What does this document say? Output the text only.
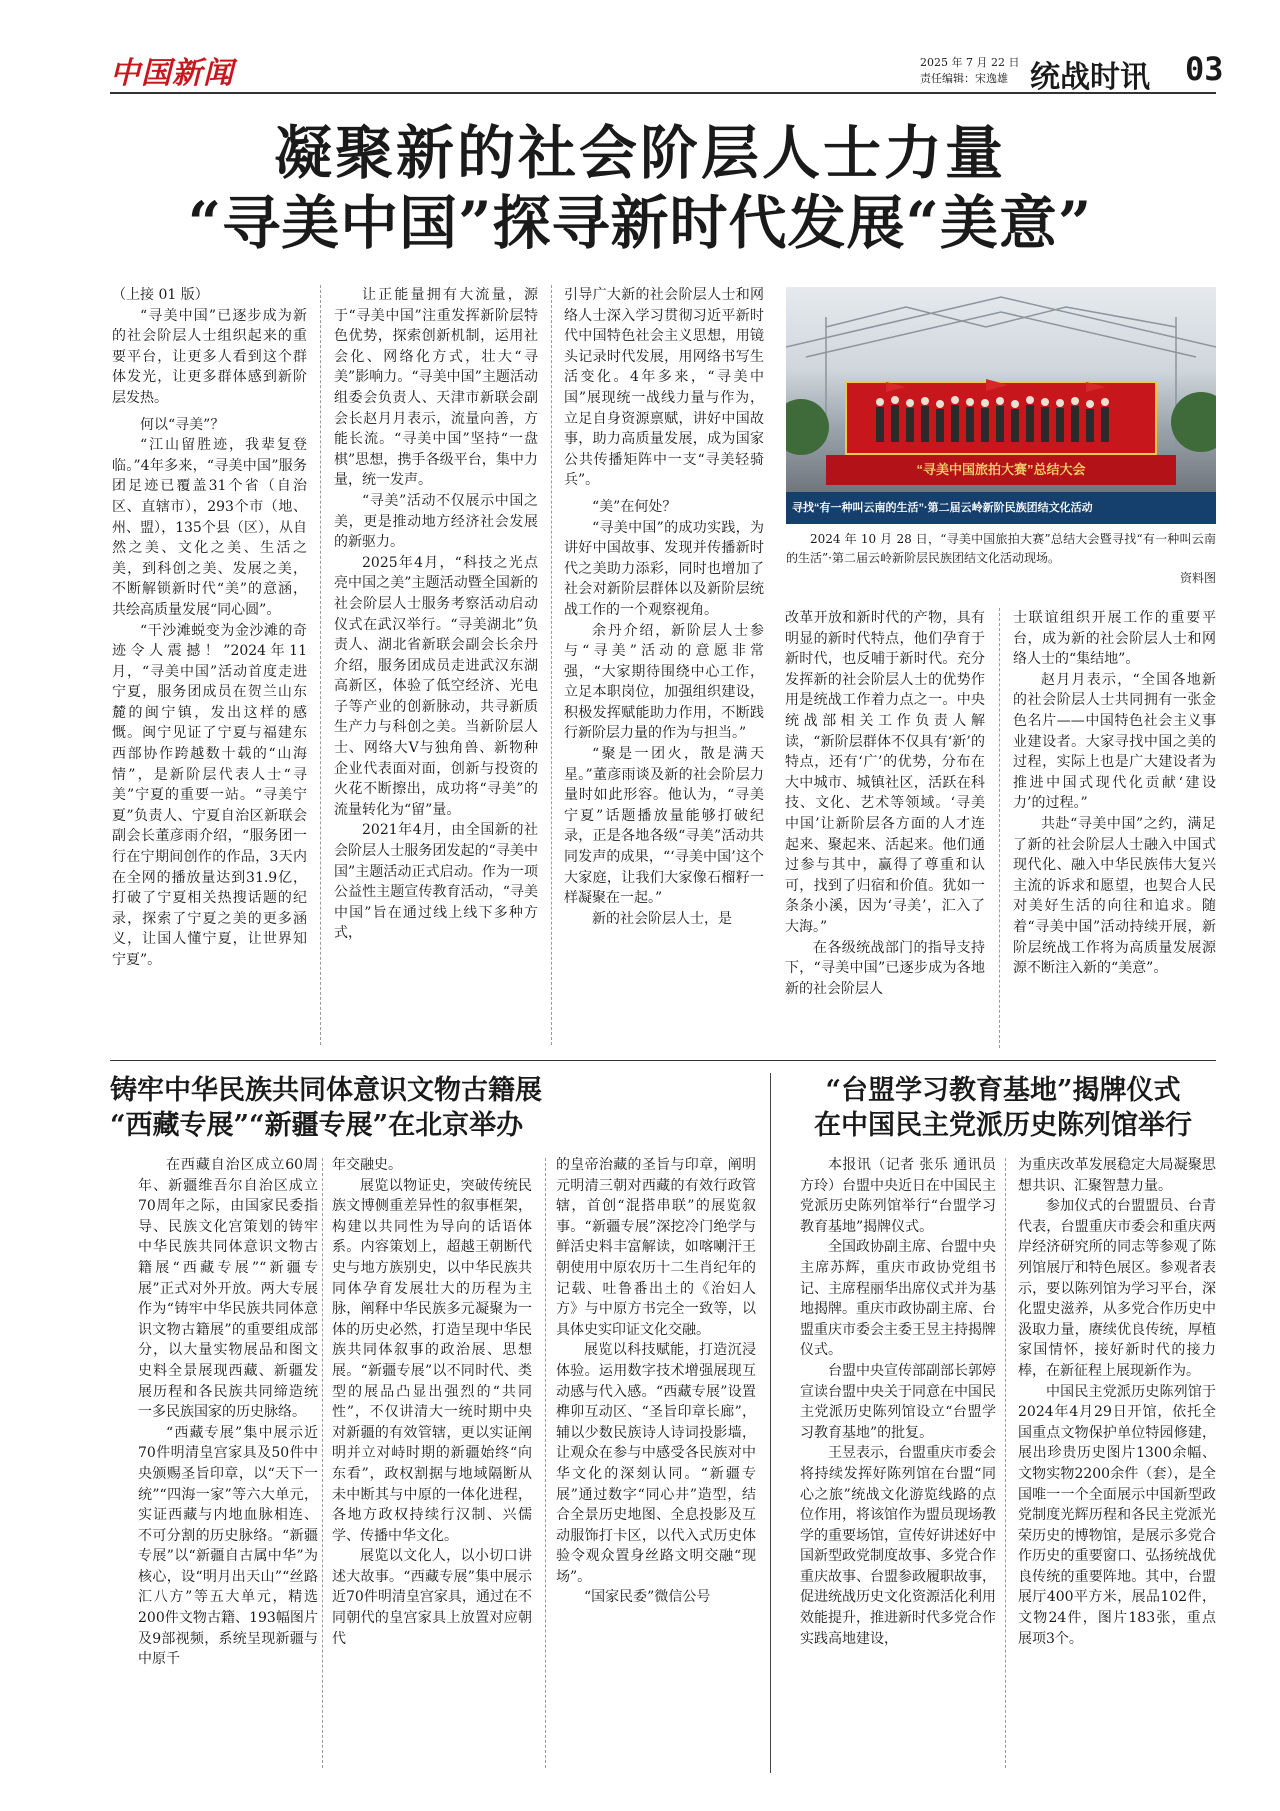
中国新闻	2025 年 7 月 22 日
责任编辑：宋逸雄 统战时讯 03
凝聚新的社会阶层人士力量
“寻美中国”探寻新时代发展“美意”

（上接 01 版）

“寻美中国”已逐步成为新的社会阶层人士组织起来的重要平台，让更多人看到这个群体发光，让更多群体感到新阶层发热。

何以“寻美”？

“江山留胜迹，我辈复登临。”4年多来，“寻美中国”服务团足迹已覆盖31个省（自治区、直辖市），293个市（地、州、盟），135个县（区），从自然之美、文化之美、生活之美，到科创之美、发展之美，不断解锁新时代“美”的意涵，共绘高质量发展“同心圆”。

“干沙滩蜕变为金沙滩的奇迹令人震撼！”2024年11月，“寻美中国”活动首度走进宁夏，服务团成员在贺兰山东麓的闽宁镇，发出这样的感慨。闽宁见证了宁夏与福建东西部协作跨越数十载的“山海情”，是新阶层代表人士“寻美”宁夏的重要一站。“寻美宁夏”负责人、宁夏自治区新联会副会长董彦雨介绍，“服务团一行在宁期间创作的作品，3天内在全网的播放量达到31.9亿，打破了宁夏相关热搜话题的纪录，探索了宁夏之美的更多涵义，让国人懂宁夏，让世界知宁夏”。

让正能量拥有大流量，源于“寻美中国”注重发挥新阶层特色优势，探索创新机制，运用社会化、网络化方式，壮大“寻美”影响力。“寻美中国”主题活动组委会负责人、天津市新联会副会长赵月月表示，流量向善，方能长流。“寻美中国”坚持“一盘棋”思想，携手各级平台，集中力量，统一发声。

“寻美”活动不仅展示中国之美，更是推动地方经济社会发展的新驱力。

2025年4月，“科技之光点亮中国之美”主题活动暨全国新的社会阶层人士服务考察活动启动仪式在武汉举行。“寻美湖北”负责人、湖北省新联会副会长余丹介绍，服务团成员走进武汉东湖高新区，体验了低空经济、光电子等产业的创新脉动，共寻新质生产力与科创之美。当新阶层人士、网络大V与独角兽、新物种企业代表面对面，创新与投资的火花不断擦出，成功将“寻美”的流量转化为“留”量。

2021年4月，由全国新的社会阶层人士服务团发起的“寻美中国”主题活动正式启动。作为一项公益性主题宣传教育活动，“寻美中国”旨在通过线上线下多种方式，

引导广大新的社会阶层人士和网络人士深入学习贯彻习近平新时代中国特色社会主义思想，用镜头记录时代发展，用网络书写生活变化。4年多来，“寻美中国”展现统一战线力量与作为，立足自身资源禀赋，讲好中国故事，助力高质量发展，成为国家公共传播矩阵中一支“寻美轻骑兵”。

“美”在何处？

“寻美中国”的成功实践，为讲好中国故事、发现并传播新时代之美助力添彩，同时也增加了社会对新阶层群体以及新阶层统战工作的一个观察视角。

余丹介绍，新阶层人士参与“寻美”活动的意愿非常强，“大家期待围绕中心工作，立足本职岗位，加强组织建设，积极发挥赋能助力作用，不断践行新阶层力量的作为与担当。”

“聚是一团火，散是满天星。”董彦雨谈及新的社会阶层力量时如此形容。他认为，“寻美宁夏”话题播放量能够打破纪录，正是各地各级“寻美”活动共同发声的成果，“‘寻美中国’这个大家庭，让我们大家像石榴籽一样凝聚在一起。”

新的社会阶层人士，是

“寻美中国旅拍大赛”总结大会
寻找“有一种叫云南的生活”·第二届云岭新阶民族团结文化活动
2024 年 10 月 28 日，“寻美中国旅拍大赛”总结大会暨寻找“有一种叫云南的生活”·第二届云岭新阶层民族团结文化活动现场。
资料图

改革开放和新时代的产物，具有明显的新时代特点，他们孕育于新时代，也反哺于新时代。充分发挥新的社会阶层人士的优势作用是统战工作着力点之一。中央统战部相关工作负责人解读，“新阶层群体不仅具有‘新’的特点，还有‘广’的优势，分布在大中城市、城镇社区，活跃在科技、文化、艺术等领域。‘寻美中国’让新阶层各方面的人才连起来、聚起来、活起来。他们通过参与其中，赢得了尊重和认可，找到了归宿和价值。犹如一条条小溪，因为‘寻美’，汇入了大海。”

在各级统战部门的指导支持下，“寻美中国”已逐步成为各地新的社会阶层人

士联谊组织开展工作的重要平台，成为新的社会阶层人士和网络人士的“集结地”。

赵月月表示，“全国各地新的社会阶层人士共同拥有一张金色名片——中国特色社会主义事业建设者。大家寻找中国之美的过程，实际上也是广大建设者为推进中国式现代化贡献‘建设力’的过程。”

共赴“寻美中国”之约，满足了新的社会阶层人士融入中国式现代化、融入中华民族伟大复兴主流的诉求和愿望，也契合人民对美好生活的向往和追求。随着“寻美中国”活动持续开展，新阶层统战工作将为高质量发展源源不断注入新的“美意”。

铸牢中华民族共同体意识文物古籍展
“西藏专展”“新疆专展”在北京举办

在西藏自治区成立60周年、新疆维吾尔自治区成立70周年之际，由国家民委指导、民族文化宫策划的铸牢中华民族共同体意识文物古籍展“西藏专展”“新疆专展”正式对外开放。两大专展作为“铸牢中华民族共同体意识文物古籍展”的重要组成部分，以大量实物展品和图文史料全景展现西藏、新疆发展历程和各民族共同缔造统一多民族国家的历史脉络。

“西藏专展”集中展示近70件明清皇宫家具及50件中央颁赐圣旨印章，以“天下一统”“四海一家”等六大单元，实证西藏与内地血脉相连、不可分割的历史脉络。“新疆专展”以“新疆自古属中华”为核心，设“明月出天山”“丝路汇八方”等五大单元，精选200件文物古籍、193幅图片及9部视频，系统呈现新疆与中原千

年交融史。

展览以物证史，突破传统民族文博侧重差异性的叙事框架，构建以共同性为导向的话语体系。内容策划上，超越王朝断代史与地方族别史，以中华民族共同体孕育发展壮大的历程为主脉，阐释中华民族多元凝聚为一体的历史必然，打造呈现中华民族共同体叙事的政治展、思想展。“新疆专展”以不同时代、类型的展品凸显出强烈的“共同性”，不仅讲清大一统时期中央对新疆的有效管辖，更以实证阐明并立对峙时期的新疆始终“向东看”，政权割据与地域隔断从未中断其与中原的一体化进程，各地方政权持续行汉制、兴儒学、传播中华文化。

展览以文化人，以小切口讲述大故事。“西藏专展”集中展示近70件明清皇宫家具，通过在不同朝代的皇宫家具上放置对应朝代

的皇帝治藏的圣旨与印章，阐明元明清三朝对西藏的有效行政管辖，首创“混搭串联”的展览叙事。“新疆专展”深挖冷门绝学与鲜活史料丰富解读，如喀喇汗王朝使用中原农历十二生肖纪年的记载、吐鲁番出土的《治妇人方》与中原方书完全一致等，以具体史实印证文化交融。

展览以科技赋能，打造沉浸体验。运用数字技术增强展现互动感与代入感。“西藏专展”设置榫卯互动区、“圣旨印章长廊”，辅以少数民族诗人诗词投影墙，让观众在参与中感受各民族对中华文化的深刻认同。“新疆专展”通过数字“同心井”造型，结合全景历史地图、全息投影及互动服饰打卡区，以代入式历史体验令观众置身丝路文明交融“现场”。

“国家民委”微信公号

“台盟学习教育基地”揭牌仪式
在中国民主党派历史陈列馆举行

本报讯（记者 张乐 通讯员 方玲）台盟中央近日在中国民主党派历史陈列馆举行“台盟学习教育基地”揭牌仪式。

全国政协副主席、台盟中央主席苏辉，重庆市政协党组书记、主席程丽华出席仪式并为基地揭牌。重庆市政协副主席、台盟重庆市委会主委王昱主持揭牌仪式。

台盟中央宣传部副部长郭婷宣读台盟中央关于同意在中国民主党派历史陈列馆设立“台盟学习教育基地”的批复。

王昱表示，台盟重庆市委会将持续发挥好陈列馆在台盟“同心之旅”统战文化游览线路的点位作用，将该馆作为盟员现场教学的重要场馆，宣传好讲述好中国新型政党制度故事、多党合作重庆故事、台盟参政履职故事，促进统战历史文化资源活化利用效能提升，推进新时代多党合作实践高地建设，

为重庆改革发展稳定大局凝聚思想共识、汇聚智慧力量。

参加仪式的台盟盟员、台青代表，台盟重庆市委会和重庆两岸经济研究所的同志等参观了陈列馆展厅和特色展区。参观者表示，要以陈列馆为学习平台，深化盟史滋养，从多党合作历史中汲取力量，赓续优良传统，厚植家国情怀，接好新时代的接力棒，在新征程上展现新作为。

中国民主党派历史陈列馆于2024年4月29日开馆，依托全国重点文物保护单位特园修建，展出珍贵历史图片1300余幅、文物实物2200余件（套），是全国唯一一个全面展示中国新型政党制度光辉历程和各民主党派光荣历史的博物馆，是展示多党合作历史的重要窗口、弘扬统战优良传统的重要阵地。其中，台盟展厅400平方米，展品102件，文物24件，图片183张，重点展项3个。
